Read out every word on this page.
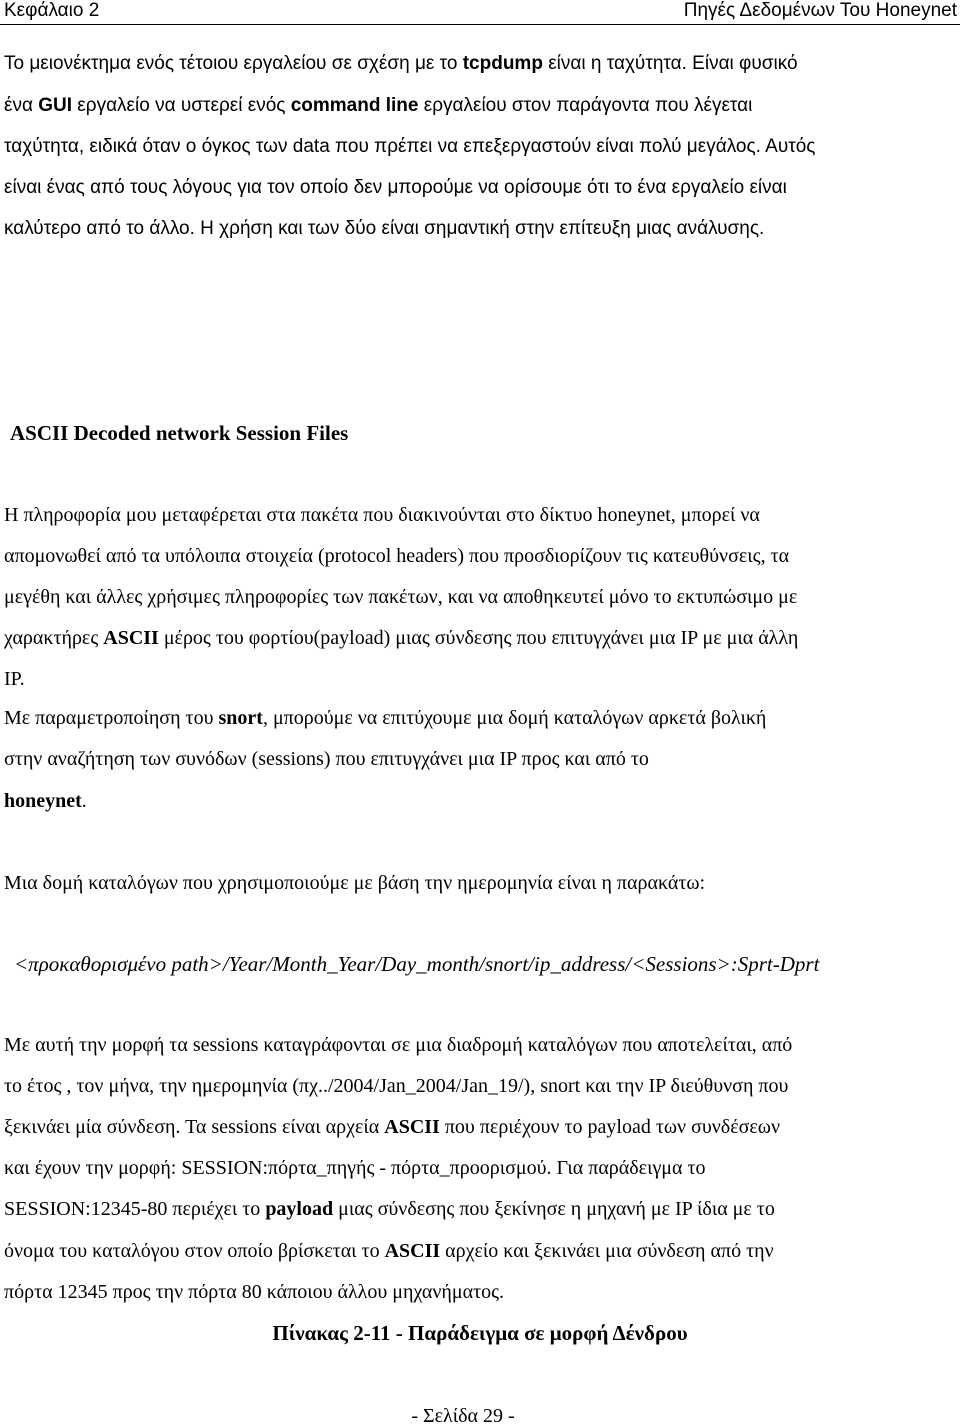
Κεφάλαιο 2	Πηγές Δεδομένων Του Honeynet
Το μειονέκτημα ενός τέτοιου εργαλείου σε σχέση με το tcpdump είναι η ταχύτητα. Είναι φυσικό
ένα GUI εργαλείο να υστερεί ενός command line εργαλείου στον παράγοντα που λέγεται
ταχύτητα, ειδικά όταν ο όγκος των data που πρέπει να επεξεργαστούν είναι πολύ μεγάλος. Αυτός
είναι ένας από τους λόγους για τον οποίο δεν μπορούμε να ορίσουμε ότι το ένα εργαλείο είναι
καλύτερο από το άλλο. Η χρήση και των δύο είναι σημαντική στην επίτευξη μιας ανάλυσης.
ASCII Decoded network Session Files
Η πληροφορία μου μεταφέρεται στα πακέτα που διακινούνται στο δίκτυο honeynet, μπορεί να
απομονωθεί από τα υπόλοιπα στοιχεία (protocol headers) που προσδιορίζουν τις κατευθύνσεις, τα
μεγέθη και άλλες χρήσιμες πληροφορίες των πακέτων, και να αποθηκευτεί μόνο το εκτυπώσιμο με
χαρακτήρες ASCII μέρος του φορτίου(payload) μιας σύνδεσης που επιτυγχάνει μια IP με μια άλλη
IP.
Με παραμετροποίηση του snort, μπορούμε να επιτύχουμε μια δομή καταλόγων αρκετά βολική
στην αναζήτηση των συνόδων (sessions) που επιτυγχάνει μια IP προς και από το
honeynet.
Μια δομή καταλόγων που χρησιμοποιούμε με βάση την ημερομηνία είναι η παρακάτω:
<προκαθορισμένο path>/Year/Month_Year/Day_month/snort/ip_address/<Sessions>:Sprt-Dprt
Με αυτή την μορφή τα sessions καταγράφονται σε μια διαδρομή καταλόγων που αποτελείται, από
το έτος , τον μήνα, την ημερομηνία (πχ../2004/Jan_2004/Jan_19/), snort και την IP διεύθυνση που
ξεκινάει μία σύνδεση. Τα sessions είναι αρχεία ASCII που περιέχουν το payload των συνδέσεων
και έχουν την μορφή: SESSION:πόρτα_πηγής - πόρτα_προορισμού. Για παράδειγμα το
SESSION:12345-80 περιέχει το payload μιας σύνδεσης που ξεκίνησε η μηχανή με IP ίδια με το
όνομα του καταλόγου στον οποίο βρίσκεται το ASCII αρχείο και ξεκινάει μια σύνδεση από την
πόρτα 12345 προς την πόρτα 80 κάποιου άλλου μηχανήματος.
Πίνακας 2-11 - Παράδειγμα σε μορφή Δένδρου
- Σελίδα 29 -
